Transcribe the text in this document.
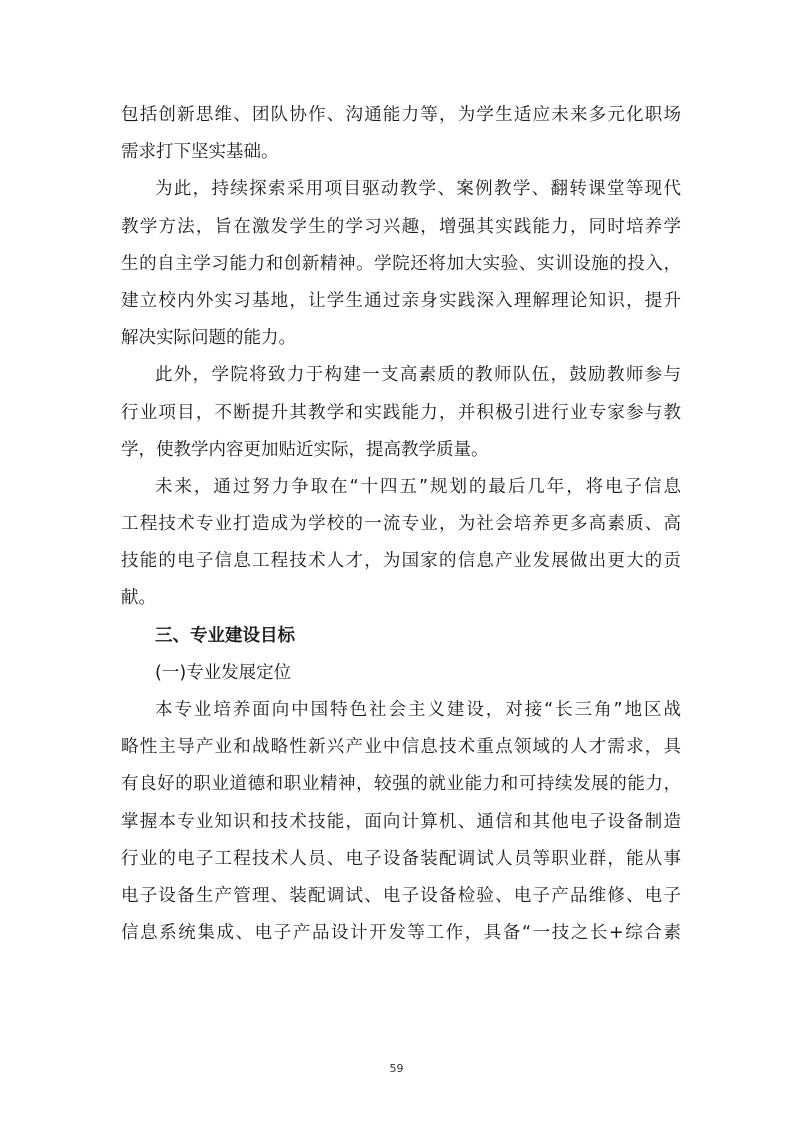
包括创新思维、团队协作、沟通能力等，为学生适应未来多元化职场
需求打下坚实基础。
为此，持续探索采用项目驱动教学、案例教学、翻转课堂等现代
教学方法，旨在激发学生的学习兴趣，增强其实践能力，同时培养学
生的自主学习能力和创新精神。学院还将加大实验、实训设施的投入，
建立校内外实习基地，让学生通过亲身实践深入理解理论知识，提升
解决实际问题的能力。
此外，学院将致力于构建一支高素质的教师队伍，鼓励教师参与
行业项目，不断提升其教学和实践能力，并积极引进行业专家参与教
学，使教学内容更加贴近实际，提高教学质量。
未来，通过努力争取在“十四五”规划的最后几年，将电子信息
工程技术专业打造成为学校的一流专业，为社会培养更多高素质、高
技能的电子信息工程技术人才，为国家的信息产业发展做出更大的贡
献。
三、专业建设目标
(一)专业发展定位
本专业培养面向中国特色社会主义建设，对接“长三角”地区战
略性主导产业和战略性新兴产业中信息技术重点领域的人才需求，具
有良好的职业道德和职业精神，较强的就业能力和可持续发展的能力，
掌握本专业知识和技术技能，面向计算机、通信和其他电子设备制造
行业的电子工程技术人员、电子设备装配调试人员等职业群，能从事
电子设备生产管理、装配调试、电子设备检验、电子产品维修、电子
信息系统集成、电子产品设计开发等工作，具备“一技之长+综合素
59
